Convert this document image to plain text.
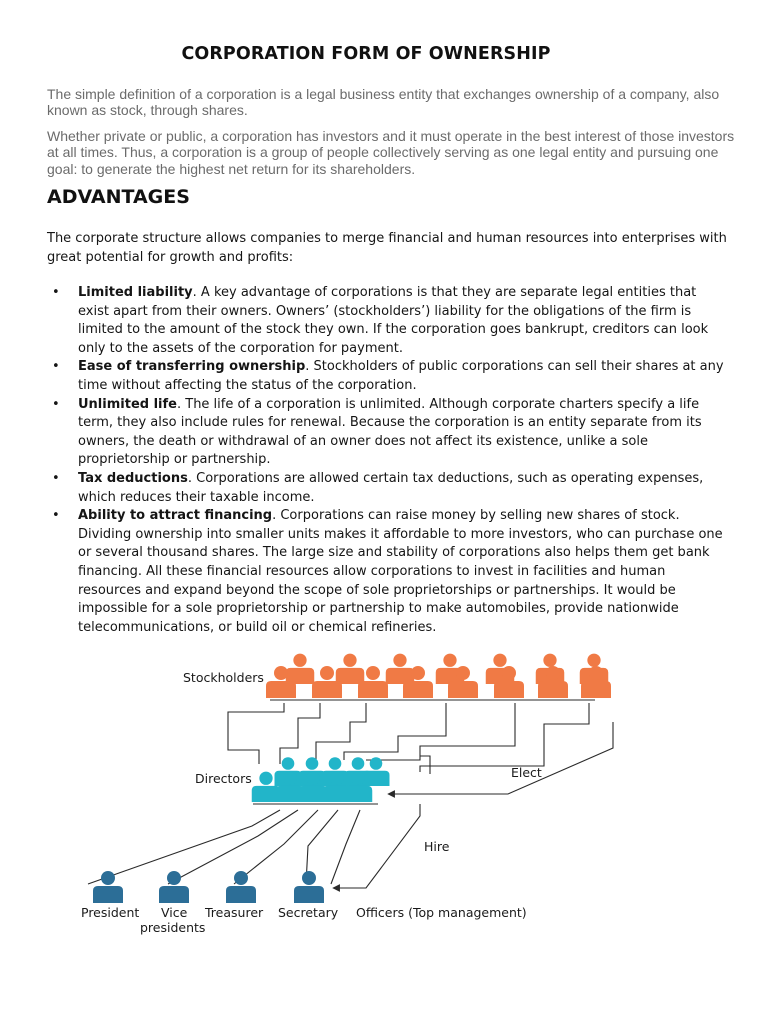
CORPORATION FORM OF OWNERSHIP
The simple definition of a corporation is a legal business entity that exchanges ownership of a company, also known as stock, through shares.
Whether private or public, a corporation has investors and it must operate in the best interest of those investors at all times. Thus, a corporation is a group of people collectively serving as one legal entity and pursuing one goal: to generate the highest net return for its shareholders.
ADVANTAGES
The corporate structure allows companies to merge financial and human resources into enterprises with great potential for growth and profits:
• Limited liability. A key advantage of corporations is that they are separate legal entities that exist apart from their owners. Owners’ (stockholders’) liability for the obligations of the firm is limited to the amount of the stock they own. If the corporation goes bankrupt, creditors can look only to the assets of the corporation for payment.
• Ease of transferring ownership. Stockholders of public corporations can sell their shares at any time without affecting the status of the corporation.
• Unlimited life. The life of a corporation is unlimited. Although corporate charters specify a life term, they also include rules for renewal. Because the corporation is an entity separate from its owners, the death or withdrawal of an owner does not affect its existence, unlike a sole proprietorship or partnership.
• Tax deductions. Corporations are allowed certain tax deductions, such as operating expenses, which reduces their taxable income.
• Ability to attract financing. Corporations can raise money by selling new shares of stock. Dividing ownership into smaller units makes it affordable to more investors, who can purchase one or several thousand shares. The large size and stability of corporations also helps them get bank financing. All these financial resources allow corporations to invest in facilities and human resources and expand beyond the scope of sole proprietorships or partnerships. It would be impossible for a sole proprietorship or partnership to make automobiles, provide nationwide telecommunications, or build oil or chemical refineries.
Stockholders
Directors	Elect
Hire
President Vice
presidents
Treasurer Secretary Officers (Top management)
